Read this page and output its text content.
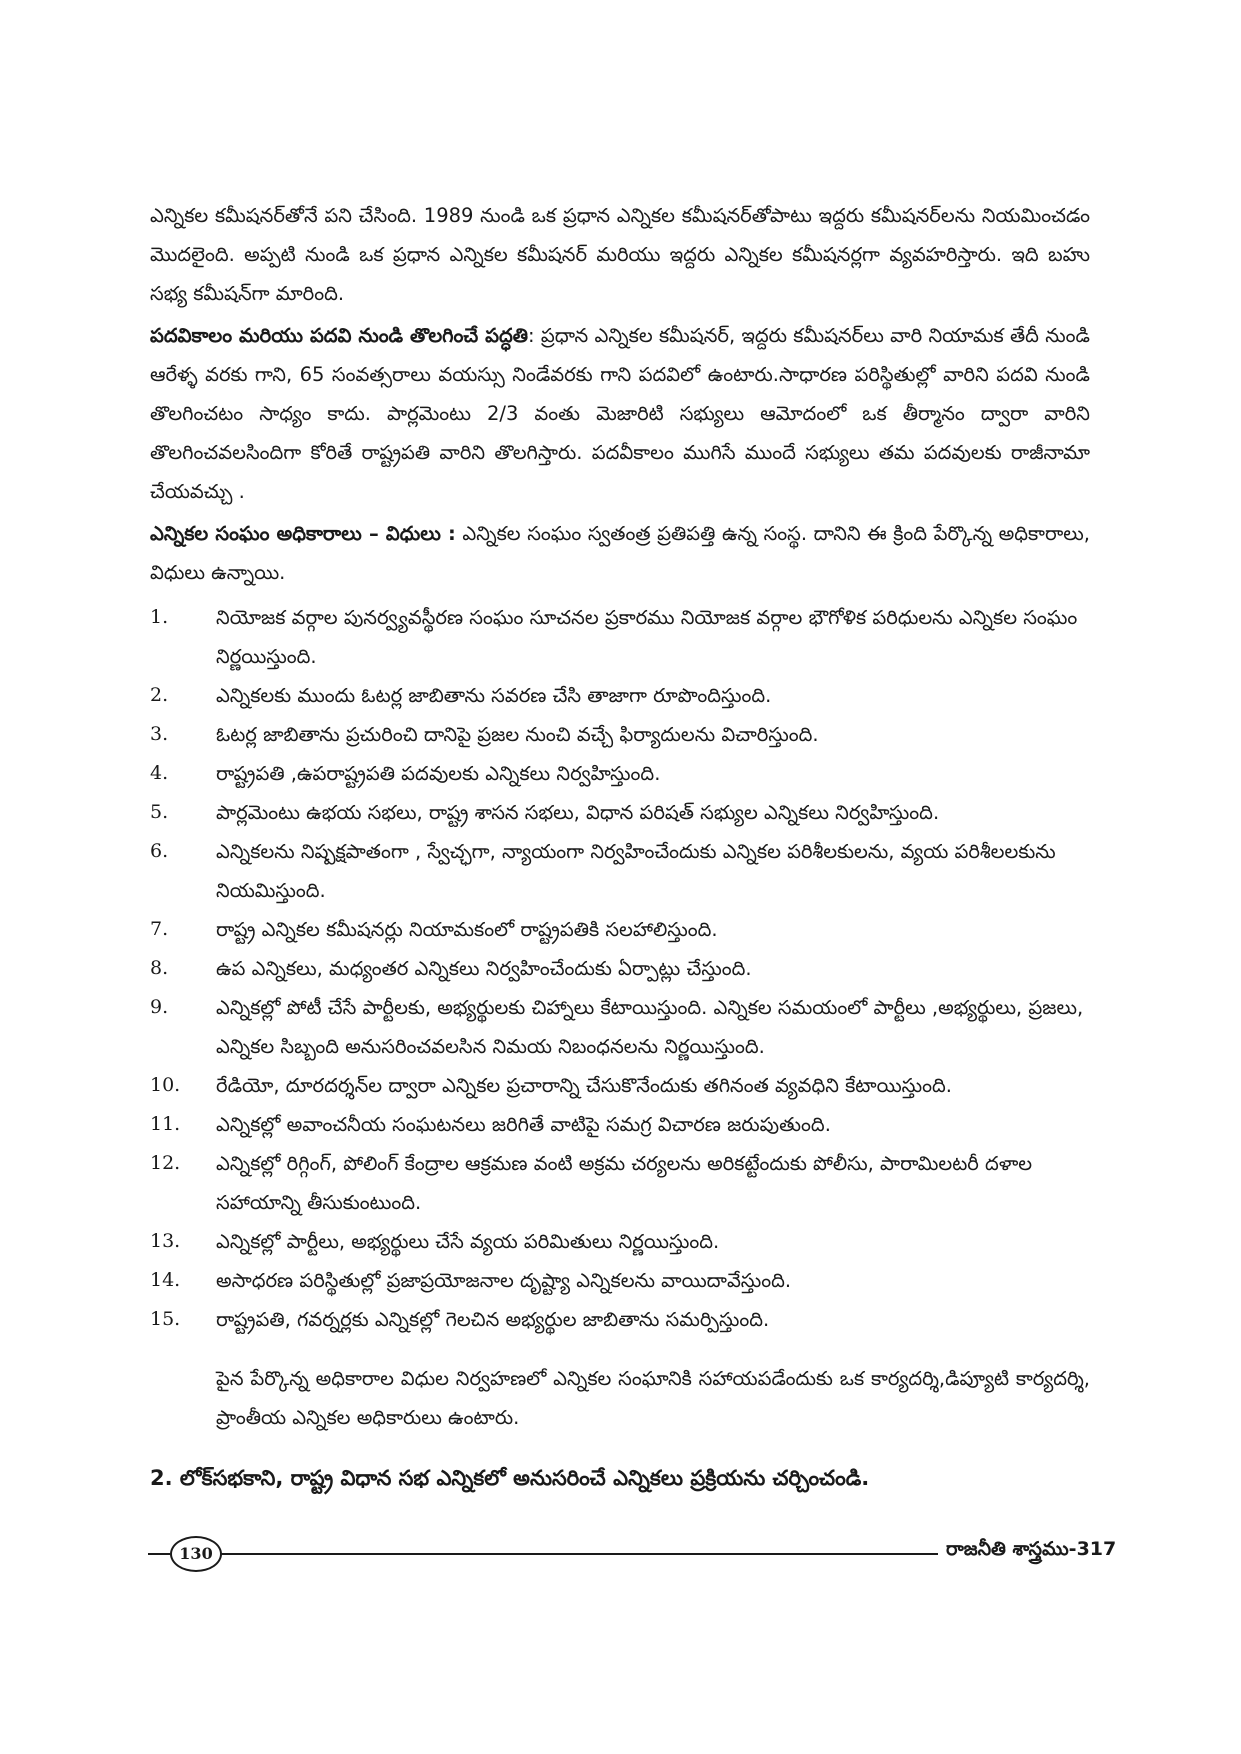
ఎన్నికల కమీషనర్‌తోనే పని చేసింది. 1989 నుండి ఒక ప్రధాన ఎన్నికల కమీషనర్‌తోపాటు ఇద్దరు కమీషనర్‌లను నియమించడం మొదలైంది. అప్పటి నుండి ఒక ప్రధాన ఎన్నికల కమీషనర్ మరియు ఇద్దరు ఎన్నికల కమీషనర్లగా వ్యవహరిస్తారు. ఇది బహు సభ్య కమీషన్‌గా మారింది.

పదవికాలం మరియు పదవి నుండి తొలగించే పద్ధతి: ప్రధాన ఎన్నికల కమీషనర్, ఇద్దరు కమీషనర్‌లు వారి నియామక తేదీ నుండి ఆరేళ్ళ వరకు గాని, 65 సంవత్సరాలు వయస్సు నిండేవరకు గాని పదవిలో ఉంటారు.సాధారణ పరిస్థితుల్లో వారిని పదవి నుండి తొలగించటం సాధ్యం కాదు. పార్లమెంటు 2/3 వంతు మెజారిటి సభ్యులు ఆమోదంలో ఒక తీర్మానం ద్వారా వారిని తొలగించవలసిందిగా కోరితే రాష్ట్రపతి వారిని తొలగిస్తారు. పదవీకాలం ముగిసే ముందే సభ్యులు తమ పదవులకు రాజీనామా చేయవచ్చు .

ఎన్నికల సంఘం అధికారాలు – విధులు : ఎన్నికల సంఘం స్వతంత్ర ప్రతిపత్తి ఉన్న సంస్థ. దానిని ఈ క్రింది పేర్కొన్న అధికారాలు, విధులు ఉన్నాయి.

1.	నియోజక వర్గాల పునర్వ్యవస్థీరణ సంఘం సూచనల ప్రకారము నియోజక వర్గాల భౌగోళిక పరిధులను ఎన్నికల సంఘం నిర్ణయిస్తుంది.
2.	ఎన్నికలకు ముందు ఓటర్ల జాబితాను సవరణ చేసి తాజాగా రూపొందిస్తుంది.
3.	ఓటర్ల జాబితాను ప్రచురించి దానిపై ప్రజల నుంచి వచ్చే ఫిర్యాదులను విచారిస్తుంది.
4.	రాష్ట్రపతి ,ఉపరాష్ట్రపతి పదవులకు ఎన్నికలు నిర్వహిస్తుంది.
5.	పార్లమెంటు ఉభయ సభలు, రాష్ట్ర శాసన సభలు, విధాన పరిషత్ సభ్యుల ఎన్నికలు నిర్వహిస్తుంది.
6.	ఎన్నికలను నిష్పక్షపాతంగా , స్వేచ్ఛగా, న్యాయంగా నిర్వహించేందుకు ఎన్నికల పరిశీలకులను, వ్యయ పరిశీలలకును నియమిస్తుంది.
7.	రాష్ట్ర ఎన్నికల కమీషనర్లు నియామకంలో రాష్ట్రపతికి సలహాలిస్తుంది.
8.	ఉప ఎన్నికలు, మధ్యంతర ఎన్నికలు నిర్వహించేందుకు ఏర్పాట్లు చేస్తుంది.
9.	ఎన్నికల్లో పోటీ చేసే పార్టీలకు, అభ్యర్థులకు చిహ్నాలు కేటాయిస్తుంది. ఎన్నికల సమయంలో పార్టీలు ,అభ్యర్థులు, ప్రజలు, ఎన్నికల సిబ్బంది అనుసరించవలసిన నిమయ నిబంధనలను నిర్ణయిస్తుంది.
10.	రేడియో, దూరదర్శన్‌ల ద్వారా ఎన్నికల ప్రచారాన్ని చేసుకొనేందుకు తగినంత వ్యవధిని కేటాయిస్తుంది.
11.	ఎన్నికల్లో అవాంచనీయ సంఘటనలు జరిగితే వాటిపై సమగ్ర విచారణ జరుపుతుంది.
12.	ఎన్నికల్లో రిగ్గింగ్, పోలింగ్ కేంద్రాల ఆక్రమణ వంటి అక్రమ చర్యలను అరికట్టేందుకు పోలీసు, పారామిలటరీ దళాల సహాయాన్ని తీసుకుంటుంది.
13.	ఎన్నికల్లో పార్టీలు, అభ్యర్థులు చేసే వ్యయ పరిమితులు నిర్ణయిస్తుంది.
14.	అసాధరణ పరిస్థితుల్లో ప్రజాప్రయోజనాల దృష్ట్యా ఎన్నికలను వాయిదావేస్తుంది.
15.	రాష్ట్రపతి, గవర్నర్లకు ఎన్నికల్లో గెలచిన అభ్యర్థుల జాబితాను సమర్పిస్తుంది.

పైన పేర్కొన్న అధికారాల విధుల నిర్వహణలో ఎన్నికల సంఘానికి సహాయపడేందుకు ఒక కార్యదర్శి,డిప్యూటి కార్యదర్శి, ప్రాంతీయ ఎన్నికల అధికారులు ఉంటారు.

2. లోక్‌సభకాని, రాష్ట్ర విధాన సభ ఎన్నికలో అనుసరించే ఎన్నికలు ప్రక్రియను చర్చించండి.
130	రాజనీతి శాస్త్రము-317
